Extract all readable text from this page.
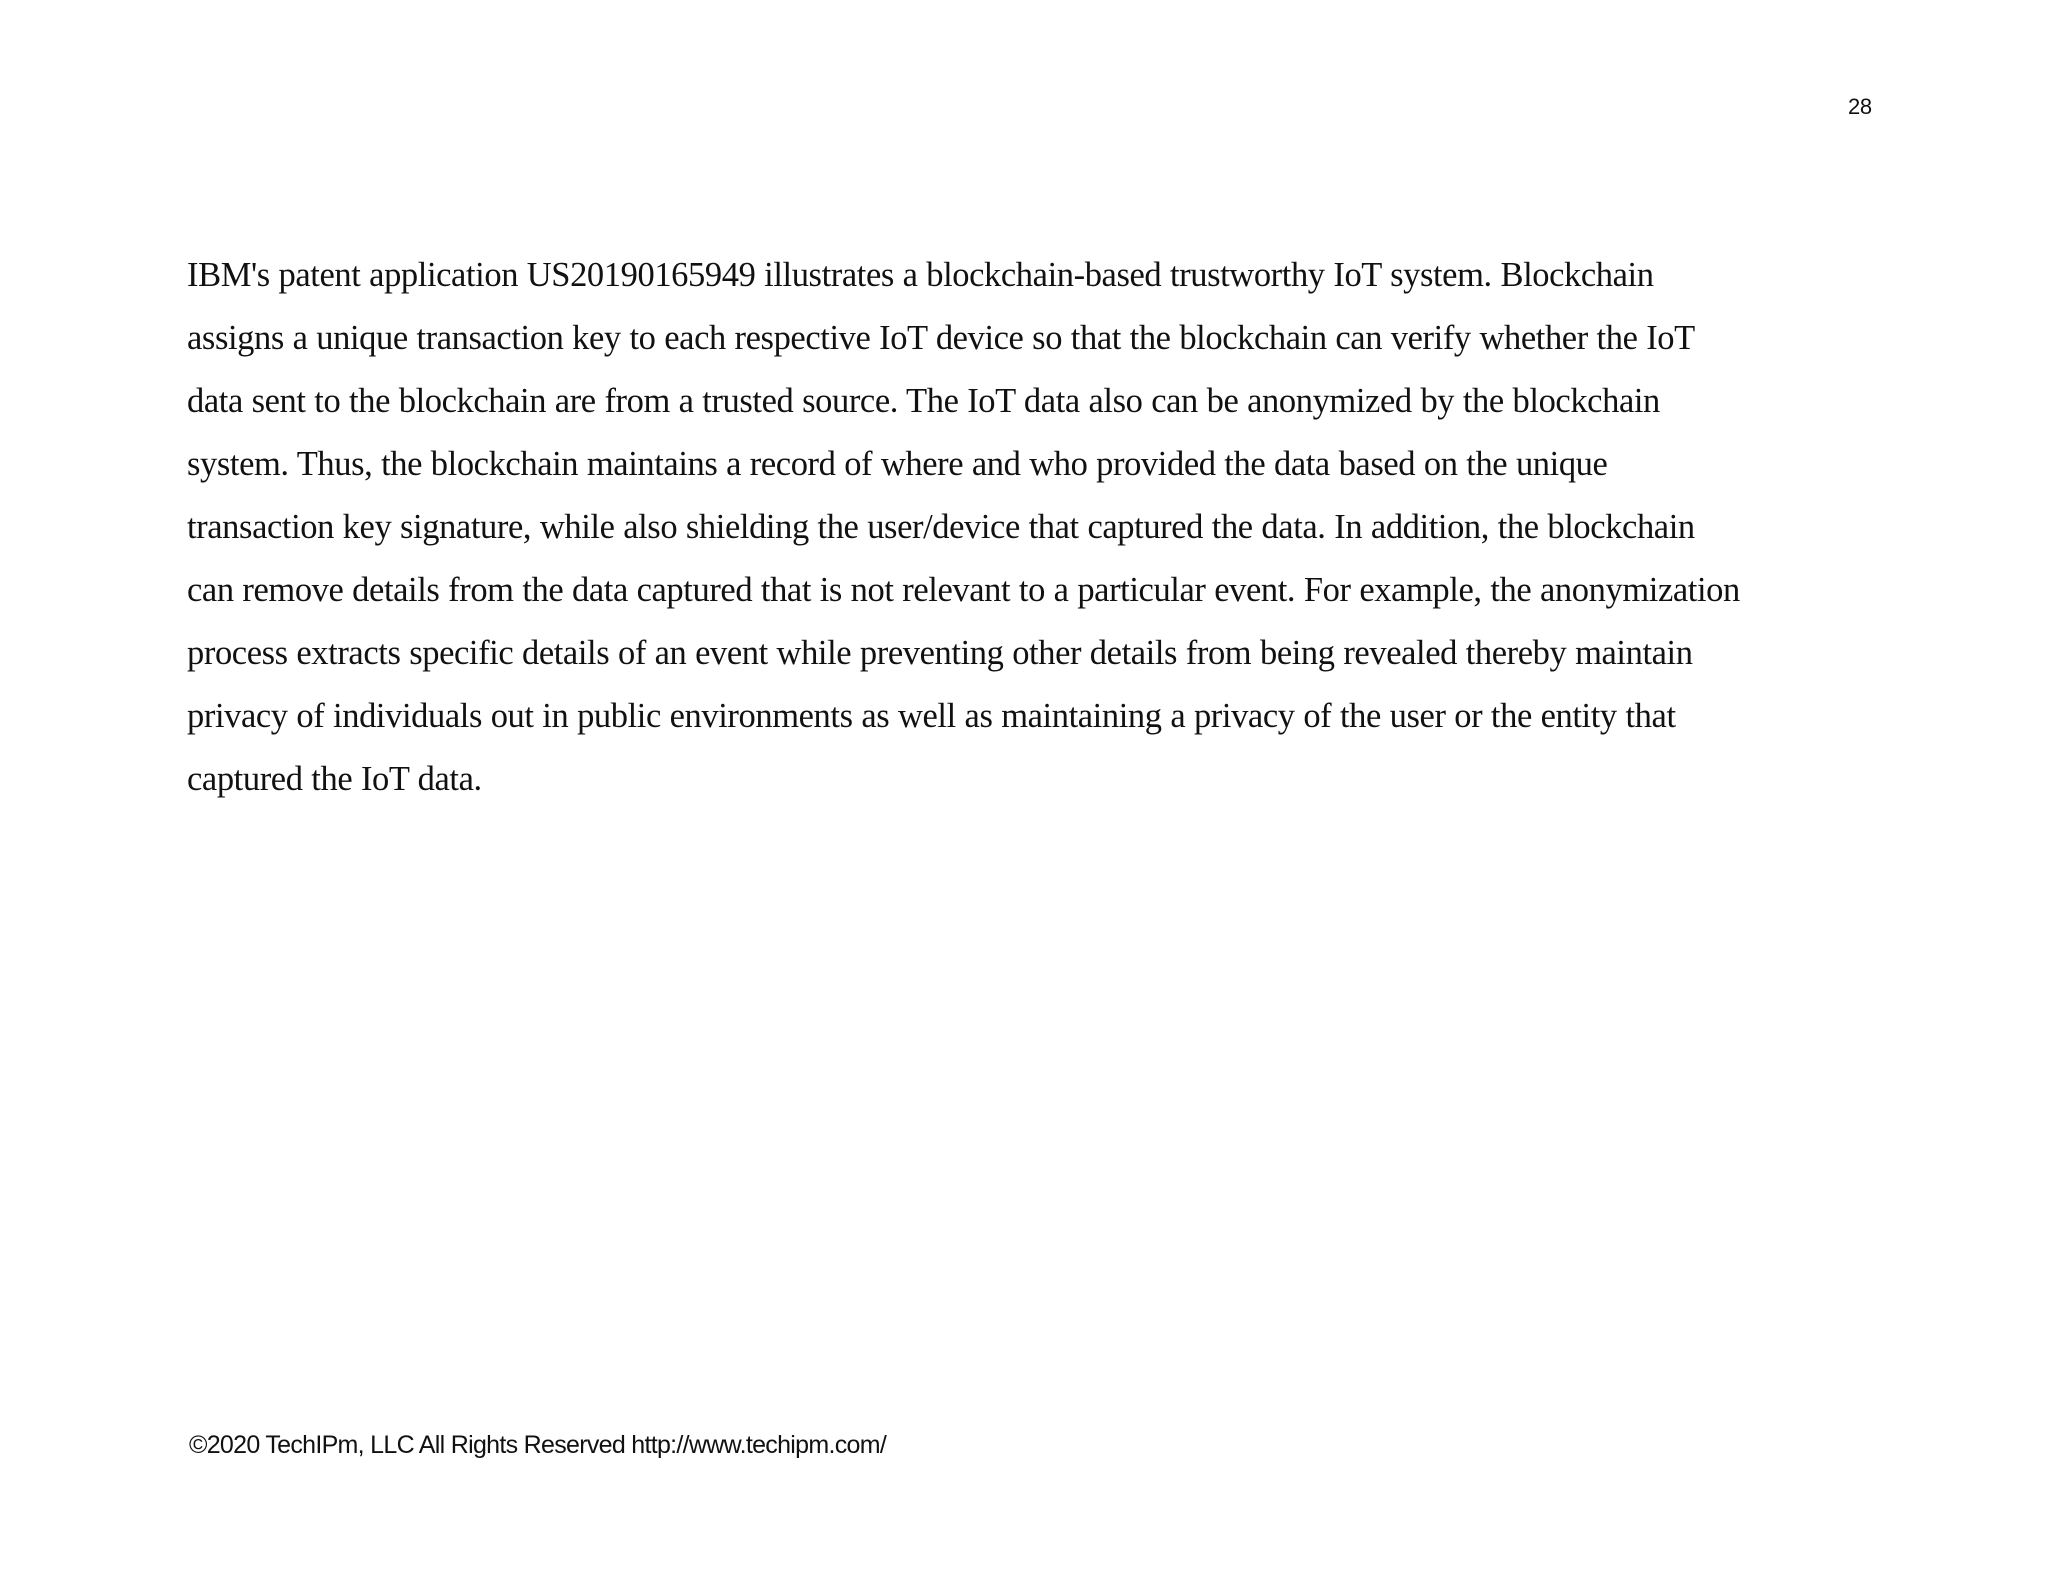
28
IBM's patent application US20190165949 illustrates a blockchain-based trustworthy IoT system. Blockchain
assigns a unique transaction key to each respective IoT device so that the blockchain can verify whether the IoT
data sent to the blockchain are from a trusted source. The IoT data also can be anonymized by the blockchain
system. Thus, the blockchain maintains a record of where and who provided the data based on the unique
transaction key signature, while also shielding the user/device that captured the data. In addition, the blockchain
can remove details from the data captured that is not relevant to a particular event. For example, the anonymization
process extracts specific details of an event while preventing other details from being revealed thereby maintain
privacy of individuals out in public environments as well as maintaining a privacy of the user or the entity that
captured the IoT data.
©2020 TechIPm, LLC All Rights Reserved http://www.techipm.com/
